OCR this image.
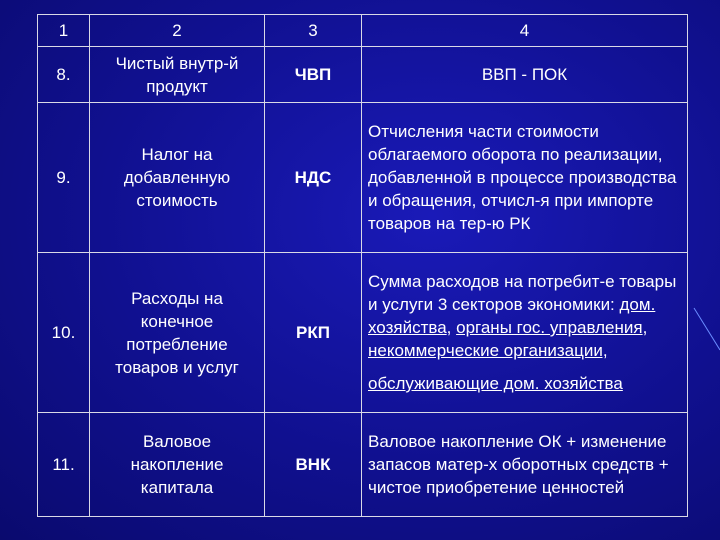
1	2	3	4
8.	Чистый внутр-й продукт	ЧВП	ВВП - ПОК
9.	Налог на добавленную стоимость	НДС	Отчисления части стоимости облагаемого оборота по реализации, добавленной в процессе производства и обращения, отчисл-я при импорте товаров на тер-ю РК
10.	Расходы на конечное потребление товаров и услуг	РКП	Сумма расходов на потребит-е товары и услуги 3 секторов экономики: дом. хозяйства, органы гос. управления, некоммерческие организации,
обслуживающие дом. хозяйства

11.	Валовое накопление капитала	ВНК	Валовое накопление ОК + изменение запасов матер-х оборотных средств + чистое приобретение ценностей
